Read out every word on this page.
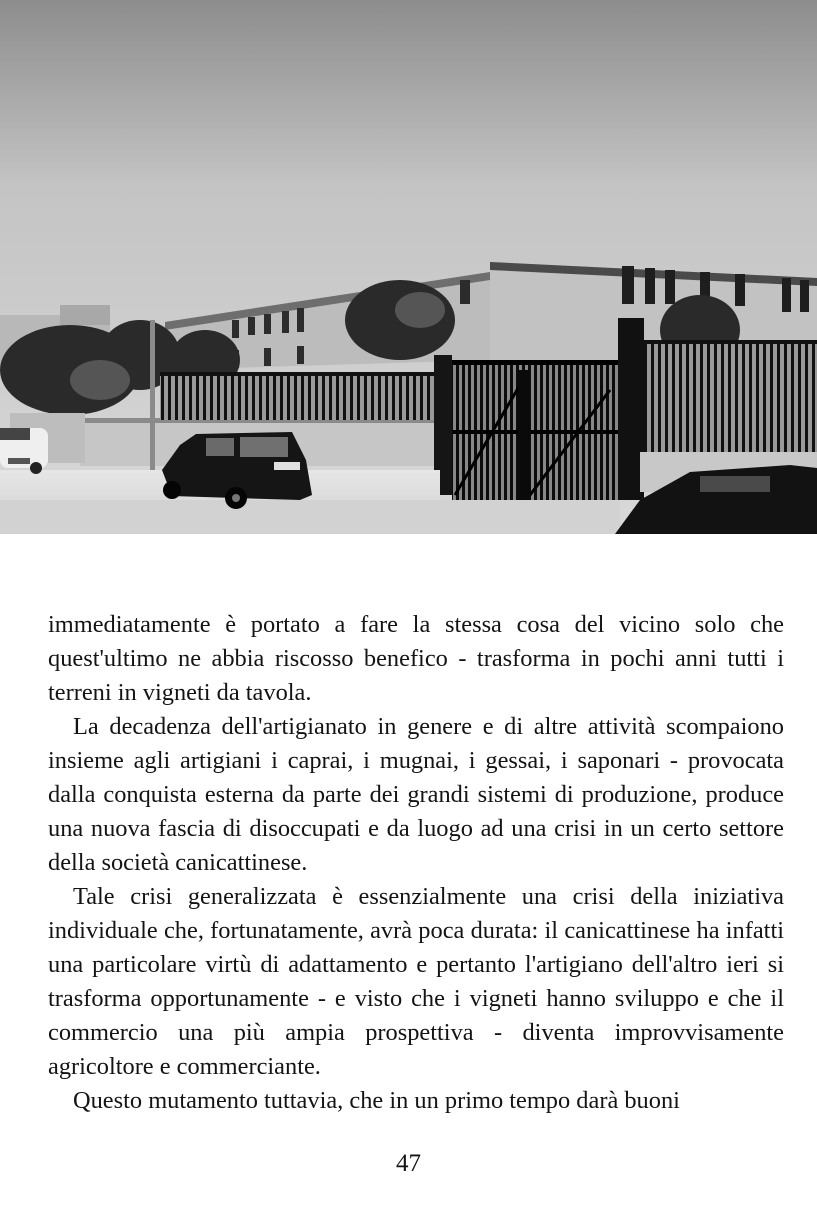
immediatamente è portato a fare la stessa cosa del vicino solo che quest'ultimo ne abbia riscosso benefico - trasforma in pochi anni tutti i terreni in vigneti da tavola.

La decadenza dell'artigianato in genere e di altre attività scompaiono insieme agli artigiani i caprai, i mugnai, i gessai, i saponari - provocata dalla conquista esterna da parte dei grandi sistemi di produzione, produce una nuova fascia di disoccupati e da luogo ad una crisi in un certo settore della società canicattinese.

Tale crisi generalizzata è essenzialmente una crisi della iniziativa individuale che, fortunatamente, avrà poca durata: il canicattinese ha infatti una particolare virtù di adattamento e pertanto l'artigiano dell'altro ieri si trasforma opportunamente - e visto che i vigneti hanno sviluppo e che il commercio una più ampia prospettiva - diventa improvvisamente agricoltore e commerciante.

Questo mutamento tuttavia, che in un primo tempo darà buoni

47
